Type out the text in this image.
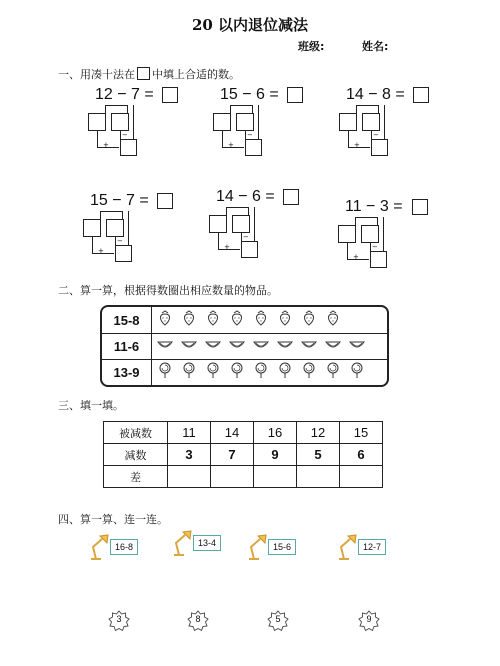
20 以内退位减法
班级:	姓名:
一、用凑十法在 中填上合适的数。
12 − 7 =
−
+
15 − 6 =
−
+
14 − 8 =
−
+
15 − 7 =
−
+
14 − 6 =
−
+
11 − 3 =
−
+
二、算一算，根据得数圈出相应数量的物品。
15-8	
11-6	
13-9	
三、填一填。
被减数	11	14	16	12	15
减数	3	7	9	5	6
差					
四、算一算、连一连。
16-8	13-4	15-6	12-7
3	8	5	9
